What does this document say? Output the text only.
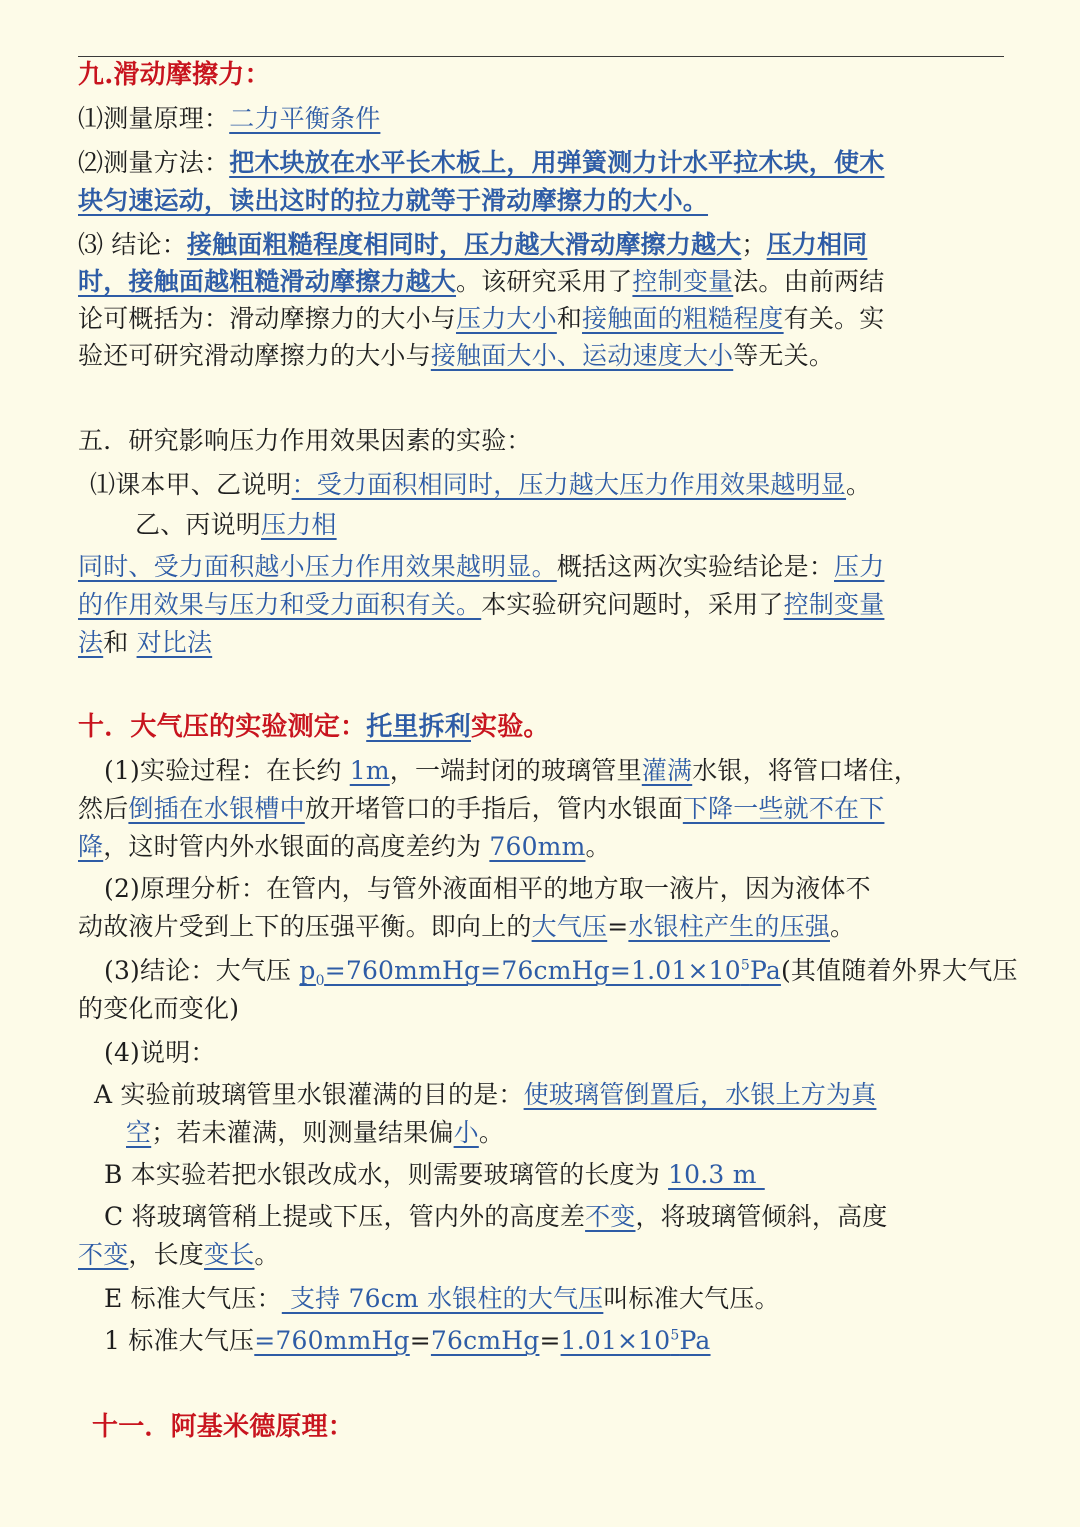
九.滑动摩擦力：
⑴测量原理：二力平衡条件
⑵测量方法：把木块放在水平长木板上，用弹簧测力计水平拉木块，使木
块匀速运动，读出这时的拉力就等于滑动摩擦力的大小。
⑶ 结论：接触面粗糙程度相同时，压力越大滑动摩擦力越大；压力相同
时，接触面越粗糙滑动摩擦力越大。该研究采用了控制变量法。由前两结
论可概括为：滑动摩擦力的大小与压力大小和接触面的粗糙程度有关。实
验还可研究滑动摩擦力的大小与接触面大小、运动速度大小等无关。
五．研究影响压力作用效果因素的实验：
⑴课本甲、乙说明：受力面积相同时，压力越大压力作用效果越明显。
乙、丙说明压力相
同时、受力面积越小压力作用效果越明显。概括这两次实验结论是：压力
的作用效果与压力和受力面积有关。本实验研究问题时，采用了控制变量
法和 对比法
十．大气压的实验测定：托里拆利实验。
(1)实验过程：在长约 1m，一端封闭的玻璃管里灌满水银，将管口堵住，
然后倒插在水银槽中放开堵管口的手指后，管内水银面下降一些就不在下
降，这时管内外水银面的高度差约为 760mm。
(2)原理分析：在管内，与管外液面相平的地方取一液片，因为液体不
动故液片受到上下的压强平衡。即向上的大气压=水银柱产生的压强。
(3)结论：大气压 $p_0=760mmHg=76cmHg=1.01\times 10^5Pa$(其值随着外界大气压
的变化而变化)
(4)说明：
A 实验前玻璃管里水银灌满的目的是：使玻璃管倒置后，水银上方为真
空；若未灌满，则测量结果偏小。
B 本实验若把水银改成水，则需要玻璃管的长度为 10.3 m
C 将玻璃管稍上提或下压，管内外的高度差不变，将玻璃管倾斜，高度
不变，长度变长。
E 标准大气压： 支持 76cm 水银柱的大气压叫标准大气压。
1 标准大气压$=760mmHg=76cmHg=1.01\times 10^5Pa$
十一．阿基米德原理：
